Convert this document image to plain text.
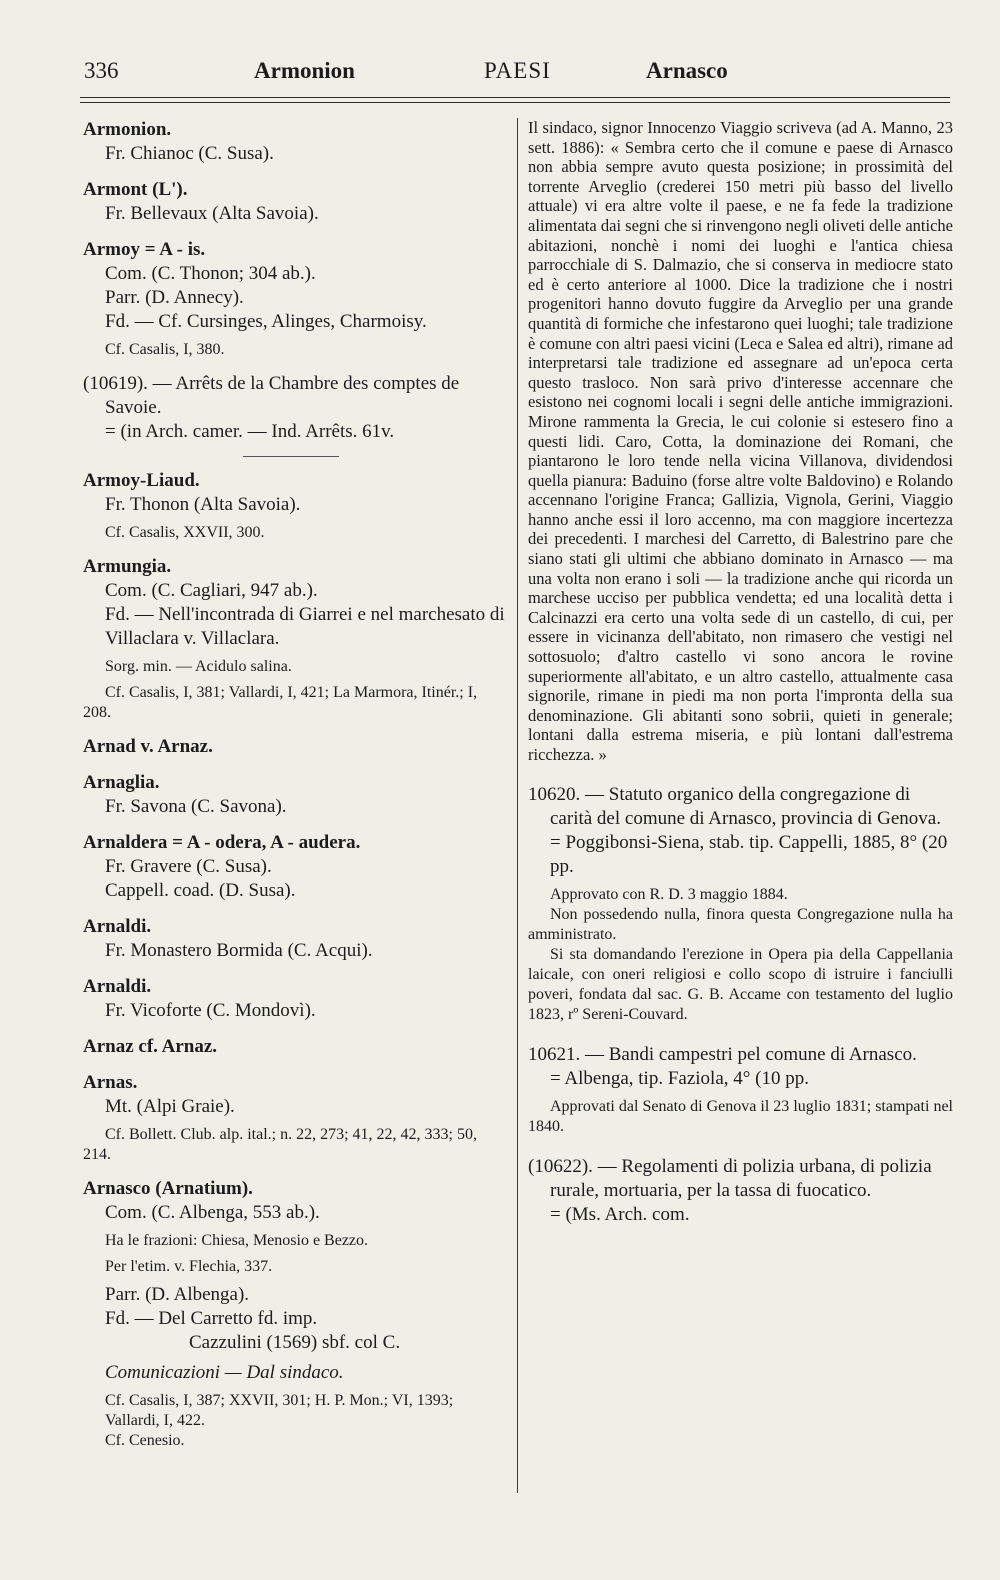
336	Armonion	PAESI	Arnasco
Armonion.
Fr. Chianoc (C. Susa).
Armont (L').
Fr. Bellevaux (Alta Savoia).
Armoy = A - is.
Com. (C. Thonon; 304 ab.).
Parr. (D. Annecy).
Fd. — Cf. Cursinges, Alinges, Charmoisy.
Cf. Casalis, I, 380.
(10619). — Arrêts de la Chambre des comptes de Savoie.
= (in Arch. camer. — Ind. Arrêts. 61v.
Armoy-Liaud.
Fr. Thonon (Alta Savoia).
Cf. Casalis, XXVII, 300.
Armungia.
Com. (C. Cagliari, 947 ab.).
Fd. — Nell'incontrada di Giarrei e nel marchesato di Villaclara v. Villaclara.
Sorg. min. — Acidulo salina.
Cf. Casalis, I, 381; Vallardi, I, 421; La Marmora, Itinér.; I, 208.
Arnad v. Arnaz.
Arnaglia.
Fr. Savona (C. Savona).
Arnaldera = A - odera, A - audera.
Fr. Gravere (C. Susa).
Cappell. coad. (D. Susa).
Arnaldi.
Fr. Monastero Bormida (C. Acqui).
Arnaldi.
Fr. Vicoforte (C. Mondovì).
Arnaz cf. Arnaz.
Arnas.
Mt. (Alpi Graie).
Cf. Bollett. Club. alp. ital.; n. 22, 273; 41, 22, 42, 333; 50, 214.
Arnasco (Arnatium).
Com. (C. Albenga, 553 ab.).
Ha le frazioni: Chiesa, Menosio e Bezzo.
Per l'etim. v. Flechia, 337.
Parr. (D. Albenga).
Fd. — Del Carretto fd. imp.
Cazzulini (1569) sbf. col C.
Comunicazioni — Dal sindaco.
Cf. Casalis, I, 387; XXVII, 301; H. P. Mon.; VI, 1393; Vallardi, I, 422.
Cf. Cenesio.
Il sindaco, signor Innocenzo Viaggio scriveva (ad A. Manno, 23 sett. 1886): « Sembra certo che il comune e paese di Arnasco non abbia sempre avuto questa posizione; in prossimità del torrente Arveglio (crederei 150 metri più basso del livello attuale) vi era altre volte il paese, e ne fa fede la tradizione alimentata dai segni che si rinvengono negli oliveti delle antiche abitazioni, nonchè i nomi dei luoghi e l'antica chiesa parrocchiale di S. Dalmazio, che si conserva in mediocre stato ed è certo anteriore al 1000. Dice la tradizione che i nostri progenitori hanno dovuto fuggire da Arveglio per una grande quantità di formiche che infestarono quei luoghi; tale tradizione è comune con altri paesi vicini (Leca e Salea ed altri), rimane ad interpretarsi tale tradizione ed assegnare ad un'epoca certa questo trasloco. Non sarà privo d'interesse accennare che esistono nei cognomi locali i segni delle antiche immigrazioni. Mirone rammenta la Grecia, le cui colonie si estesero fino a questi lidi. Caro, Cotta, la dominazione dei Romani, che piantarono le loro tende nella vicina Villanova, dividendosi quella pianura: Baduino (forse altre volte Baldovino) e Rolando accennano l'origine Franca; Gallizia, Vignola, Gerini, Viaggio hanno anche essi il loro accenno, ma con maggiore incertezza dei precedenti. I marchesi del Carretto, di Balestrino pare che siano stati gli ultimi che abbiano dominato in Arnasco — ma una volta non erano i soli — la tradizione anche qui ricorda un marchese ucciso per pubblica vendetta; ed una località detta i Calcinazzi era certo una volta sede di un castello, di cui, per essere in vicinanza dell'abitato, non rimasero che vestigi nel sottosuolo; d'altro castello vi sono ancora le rovine superiormente all'abitato, e un altro castello, attualmente casa signorile, rimane in piedi ma non porta l'impronta della sua denominazione. Gli abitanti sono sobrii, quieti in generale; lontani dalla estrema miseria, e più lontani dall'estrema ricchezza. »
10620. — Statuto organico della congregazione di carità del comune di Arnasco, provincia di Genova.
= Poggibonsi-Siena, stab. tip. Cappelli, 1885, 8° (20 pp.
Approvato con R. D. 3 maggio 1884.
Non possedendo nulla, finora questa Congregazione nulla ha amministrato.
Si sta domandando l'erezione in Opera pia della Cappellania laicale, con oneri religiosi e collo scopo di istruire i fanciulli poveri, fondata dal sac. G. B. Accame con testamento del luglio 1823, rº Sereni-Couvard.
10621. — Bandi campestri pel comune di Arnasco.
= Albenga, tip. Faziola, 4° (10 pp.
Approvati dal Senato di Genova il 23 luglio 1831; stampati nel 1840.
(10622). — Regolamenti di polizia urbana, di polizia rurale, mortuaria, per la tassa di fuocatico.
= (Ms. Arch. com.
